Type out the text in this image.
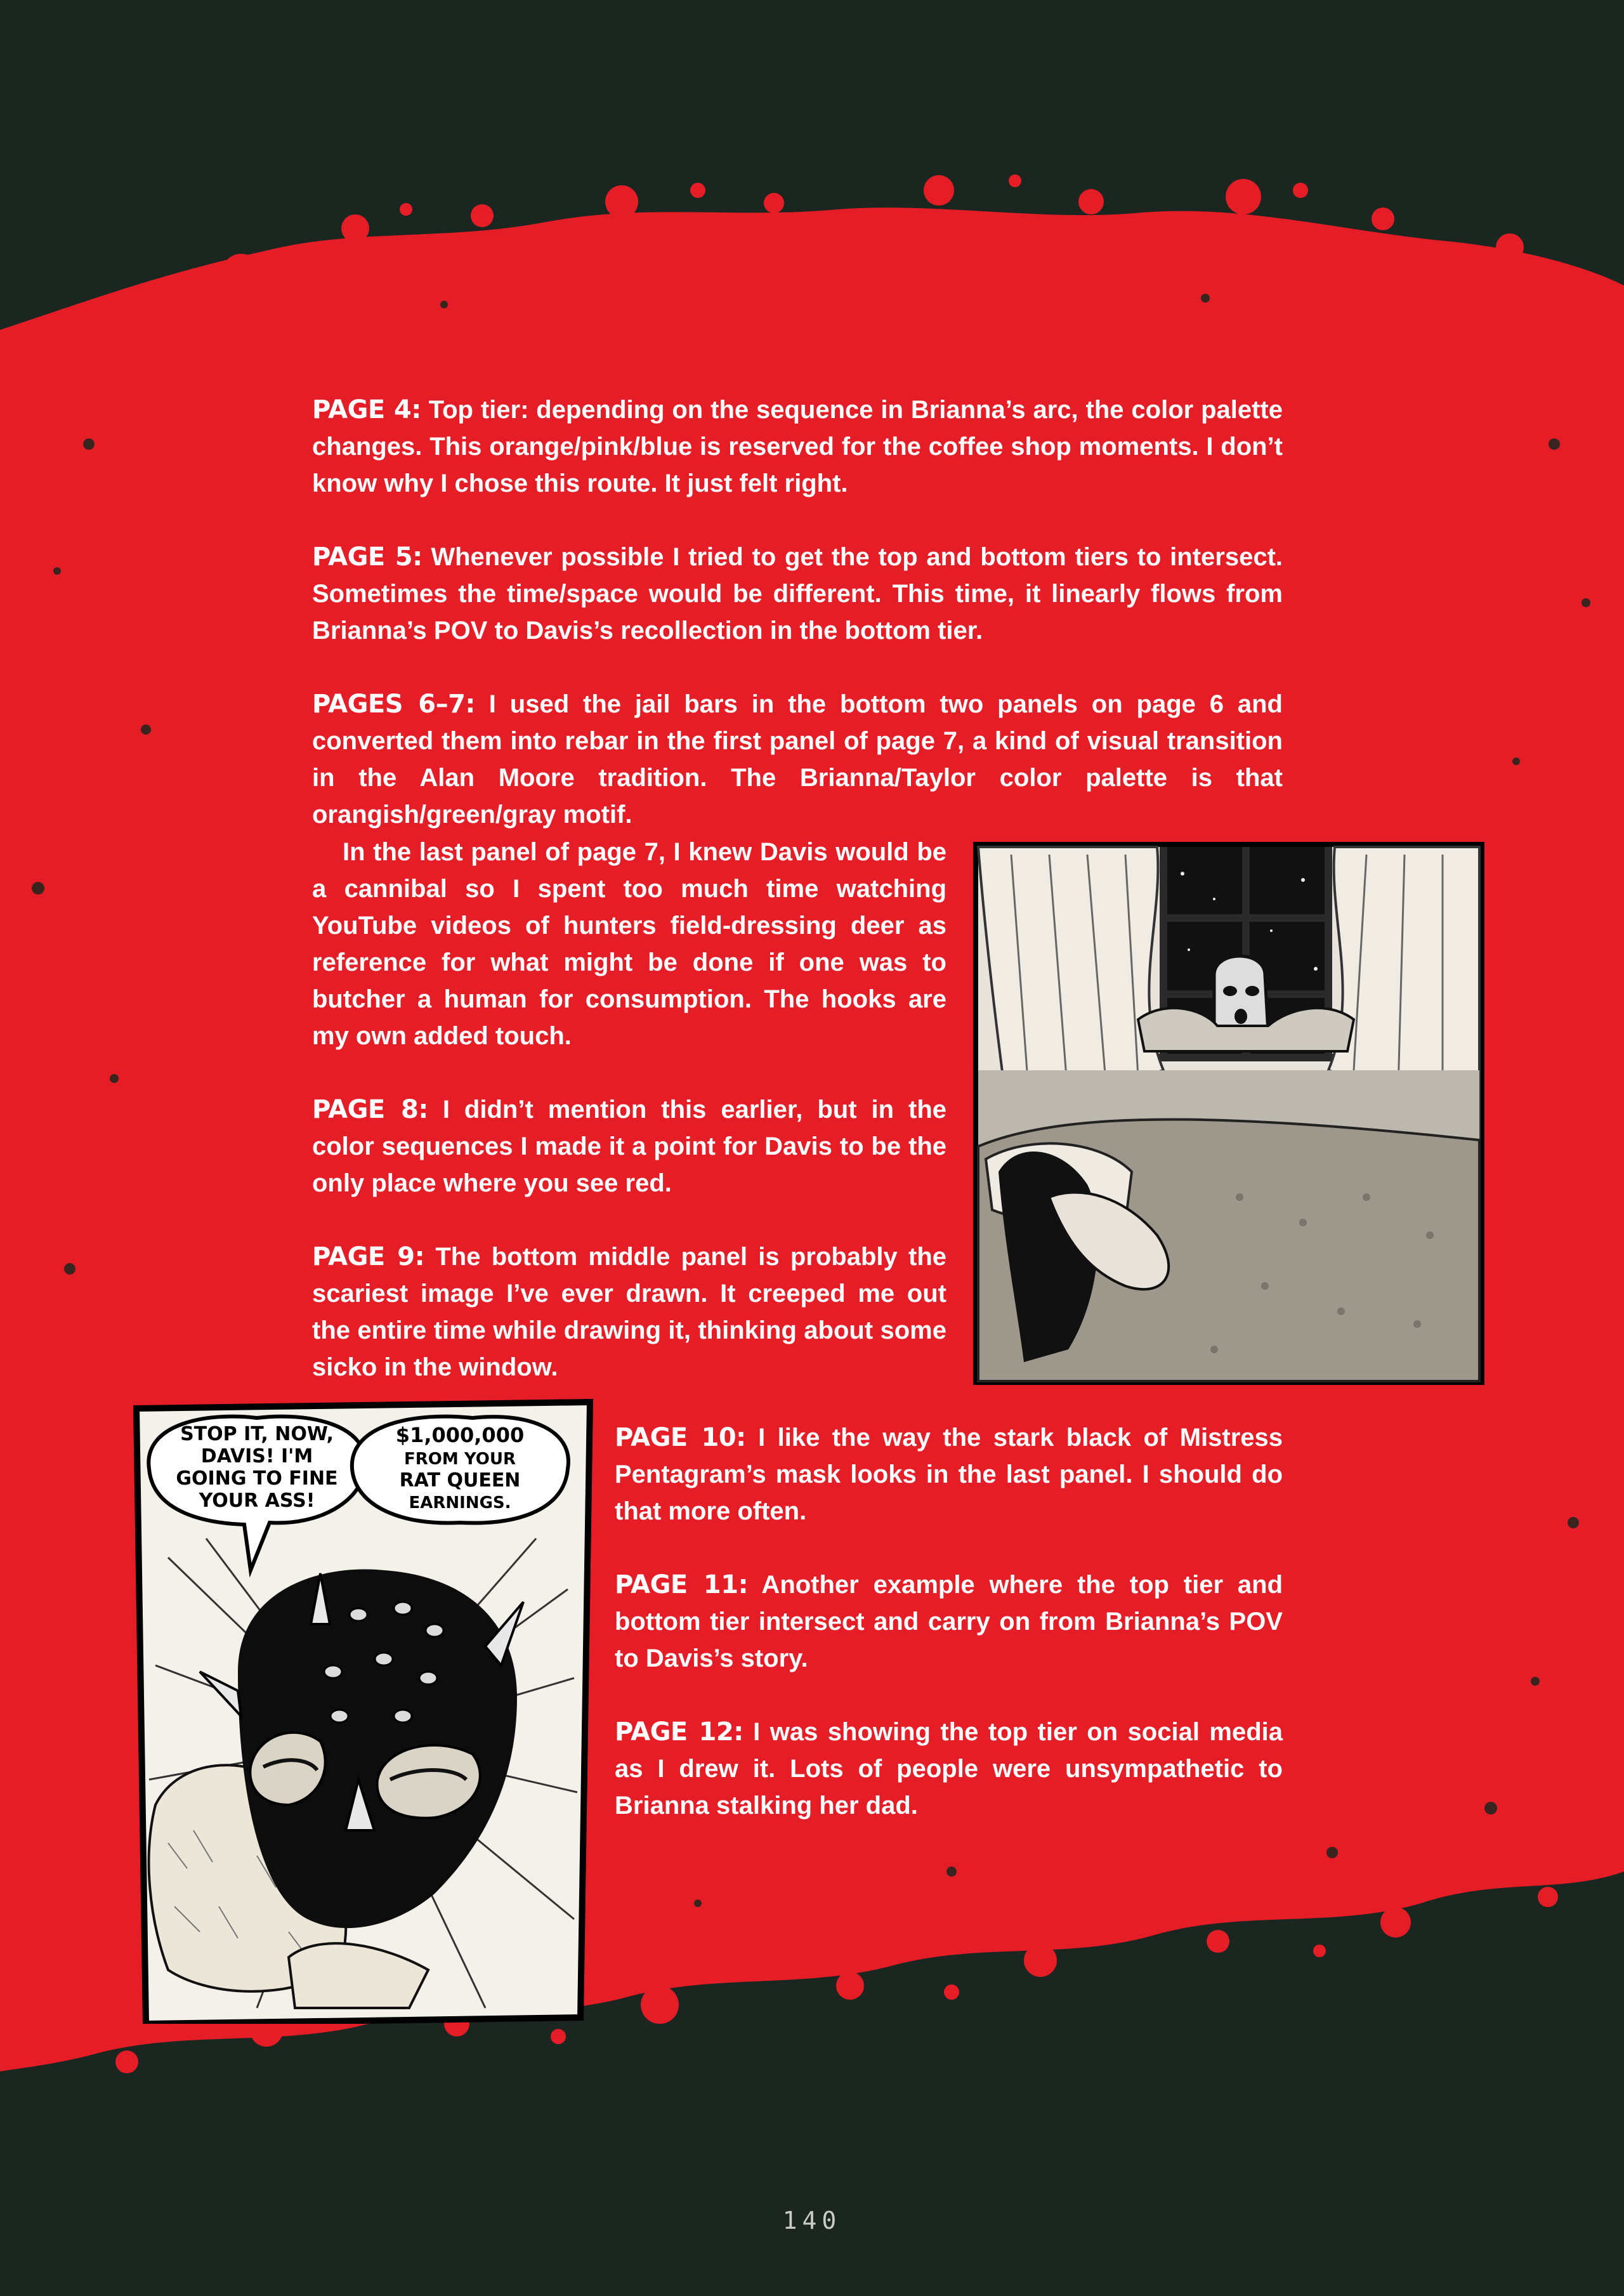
PAGE 4: Top tier: depending on the sequence in Brianna’s arc, the color palette changes. This orange/pink/blue is reserved for the coffee shop moments. I don’t know why I chose this route. It just felt right.

PAGE 5: Whenever possible I tried to get the top and bottom tiers to intersect. Sometimes the time/space would be different. This time, it linearly flows from Brianna’s POV to Davis’s recollection in the bottom tier.

PAGES 6–7: I used the jail bars in the bottom two panels on page 6 and converted them into rebar in the first panel of page 7, a kind of visual transition in the Alan Moore tradition. The Brianna/Taylor color palette is that orangish/green/gray motif.

In the last panel of page 7, I knew Davis would be a cannibal so I spent too much time watching YouTube videos of hunters field-dressing deer as reference for what might be done if one was to butcher a human for consumption. The hooks are my own added touch.

PAGE 8: I didn’t mention this earlier, but in the color sequences I made it a point for Davis to be the only place where you see red.

PAGE 9: The bottom middle panel is probably the scariest image I’ve ever drawn. It creeped me out the entire time while drawing it, thinking about some sicko in the window.

PAGE 10: I like the way the stark black of Mistress Pentagram’s mask looks in the last panel. I should do that more often.

PAGE 11: Another example where the top tier and bottom tier intersect and carry on from Brianna’s POV to Davis’s story.

PAGE 12: I was showing the top tier on social media as I drew it. Lots of people were unsympathetic to Brianna stalking her dad.

STOP IT, NOW,
DAVIS! I'M
GOING TO FINE
YOUR ASS!
$1,000,000
FROM YOUR
RAT QUEEN
EARNINGS.
140
